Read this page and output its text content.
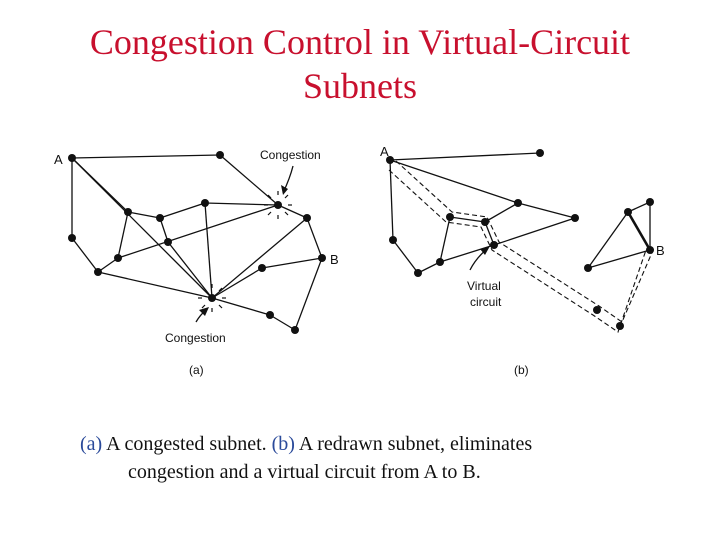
Congestion Control in Virtual-Circuit
Subnets
A
B
Congestion
Congestion
(a)
A
B
Virtual
circuit
(b)
(a) A congested subnet. (b) A redrawn subnet, eliminates
congestion and a virtual circuit from A to B.
